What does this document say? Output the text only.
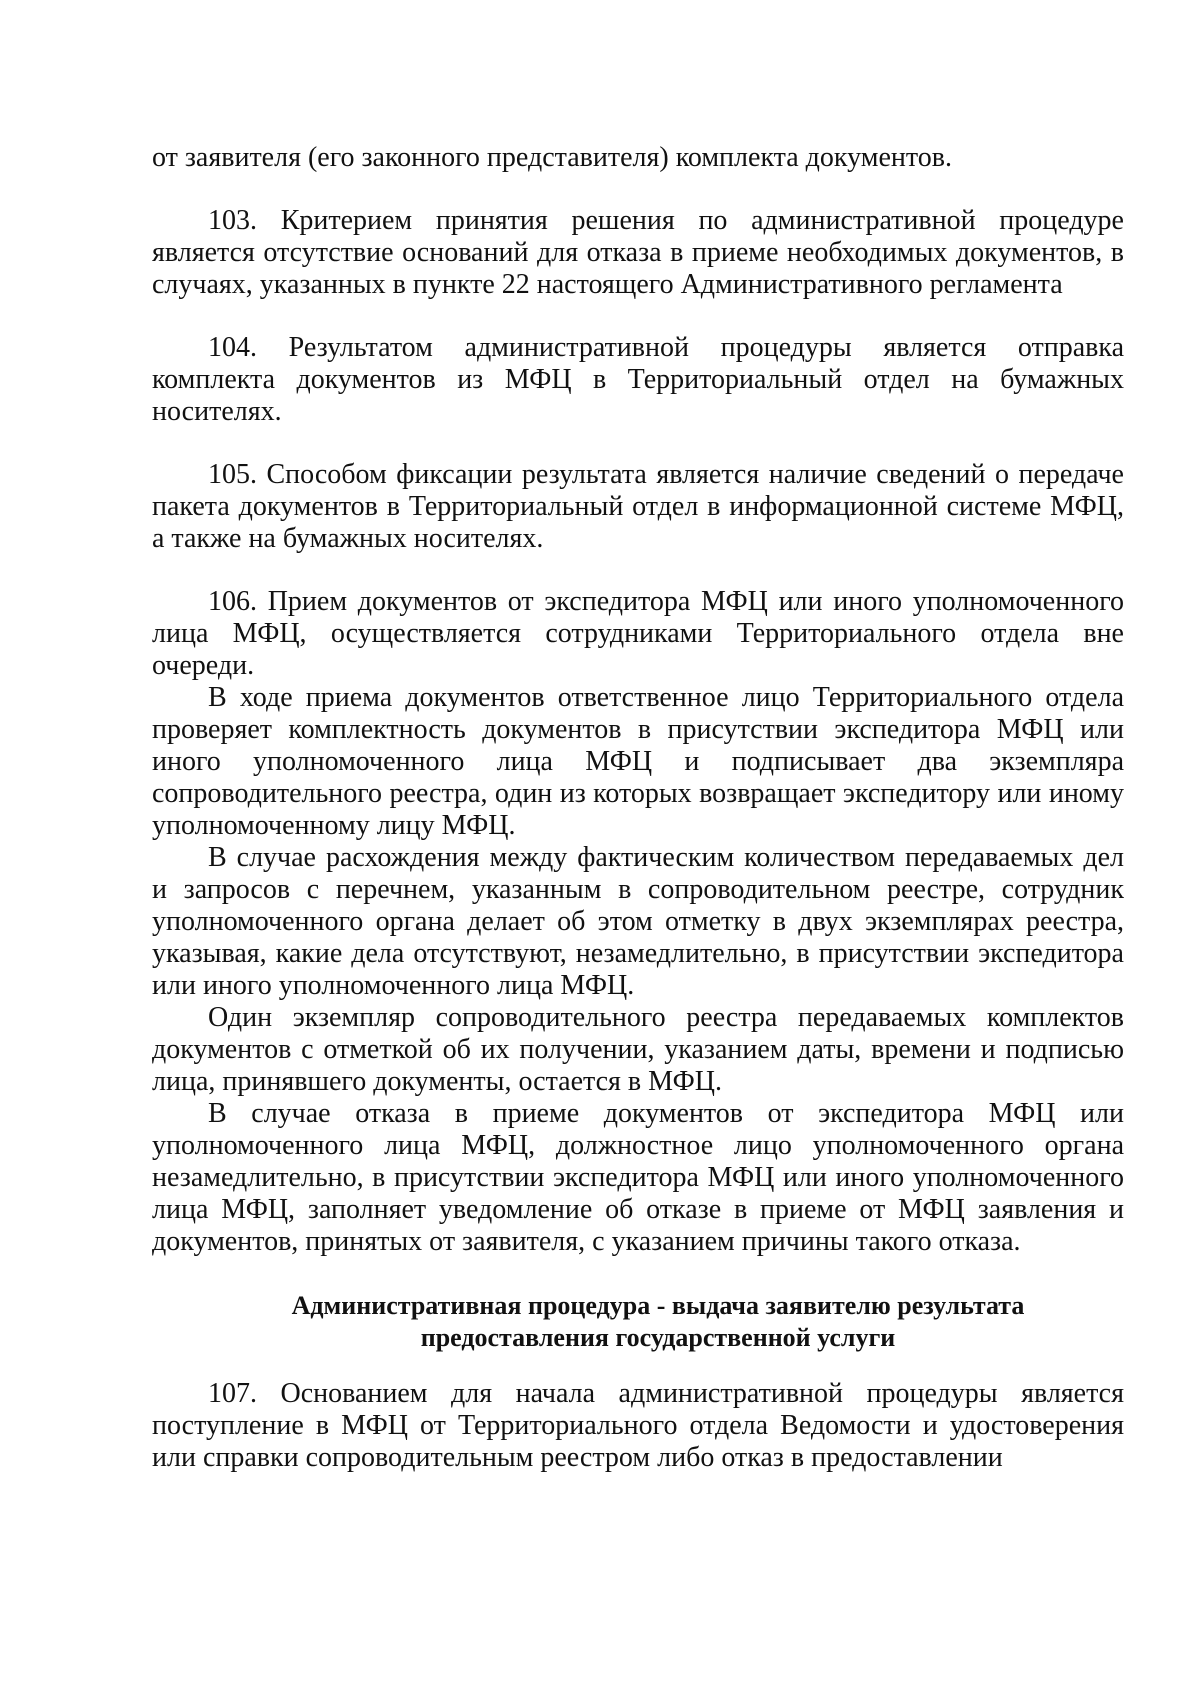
от заявителя (его законного представителя) комплекта документов.

103. Критерием принятия решения по административной процедуре является отсутствие оснований для отказа в приеме необходимых документов, в случаях, указанных в пункте 22 настоящего Административного регламента

104. Результатом административной процедуры является отправка комплекта документов из МФЦ в Территориальный отдел на бумажных носителях.

105. Способом фиксации результата является наличие сведений о передаче пакета документов в Территориальный отдел в информационной системе МФЦ, а также на бумажных носителях.

106. Прием документов от экспедитора МФЦ или иного уполномоченного лица МФЦ, осуществляется сотрудниками Территориального отдела вне очереди.

В ходе приема документов ответственное лицо Территориального отдела проверяет комплектность документов в присутствии экспедитора МФЦ или иного уполномоченного лица МФЦ и подписывает два экземпляра сопроводительного реестра, один из которых возвращает экспедитору или иному уполномоченному лицу МФЦ.

В случае расхождения между фактическим количеством передаваемых дел и запросов с перечнем, указанным в сопроводительном реестре, сотрудник уполномоченного органа делает об этом отметку в двух экземплярах реестра, указывая, какие дела отсутствуют, незамедлительно, в присутствии экспедитора или иного уполномоченного лица МФЦ.

Один экземпляр сопроводительного реестра передаваемых комплектов документов с отметкой об их получении, указанием даты, времени и подписью лица, принявшего документы, остается в МФЦ.

В случае отказа в приеме документов от экспедитора МФЦ или уполномоченного лица МФЦ, должностное лицо уполномоченного органа незамедлительно, в присутствии экспедитора МФЦ или иного уполномоченного лица МФЦ, заполняет уведомление об отказе в приеме от МФЦ заявления и документов, принятых от заявителя, с указанием причины такого отказа.

Административная процедура - выдача заявителю результата
предоставления государственной услуги

107. Основанием для начала административной процедуры является поступление в МФЦ от Территориального отдела Ведомости и удостоверения или справки сопроводительным реестром либо отказ в предоставлении
